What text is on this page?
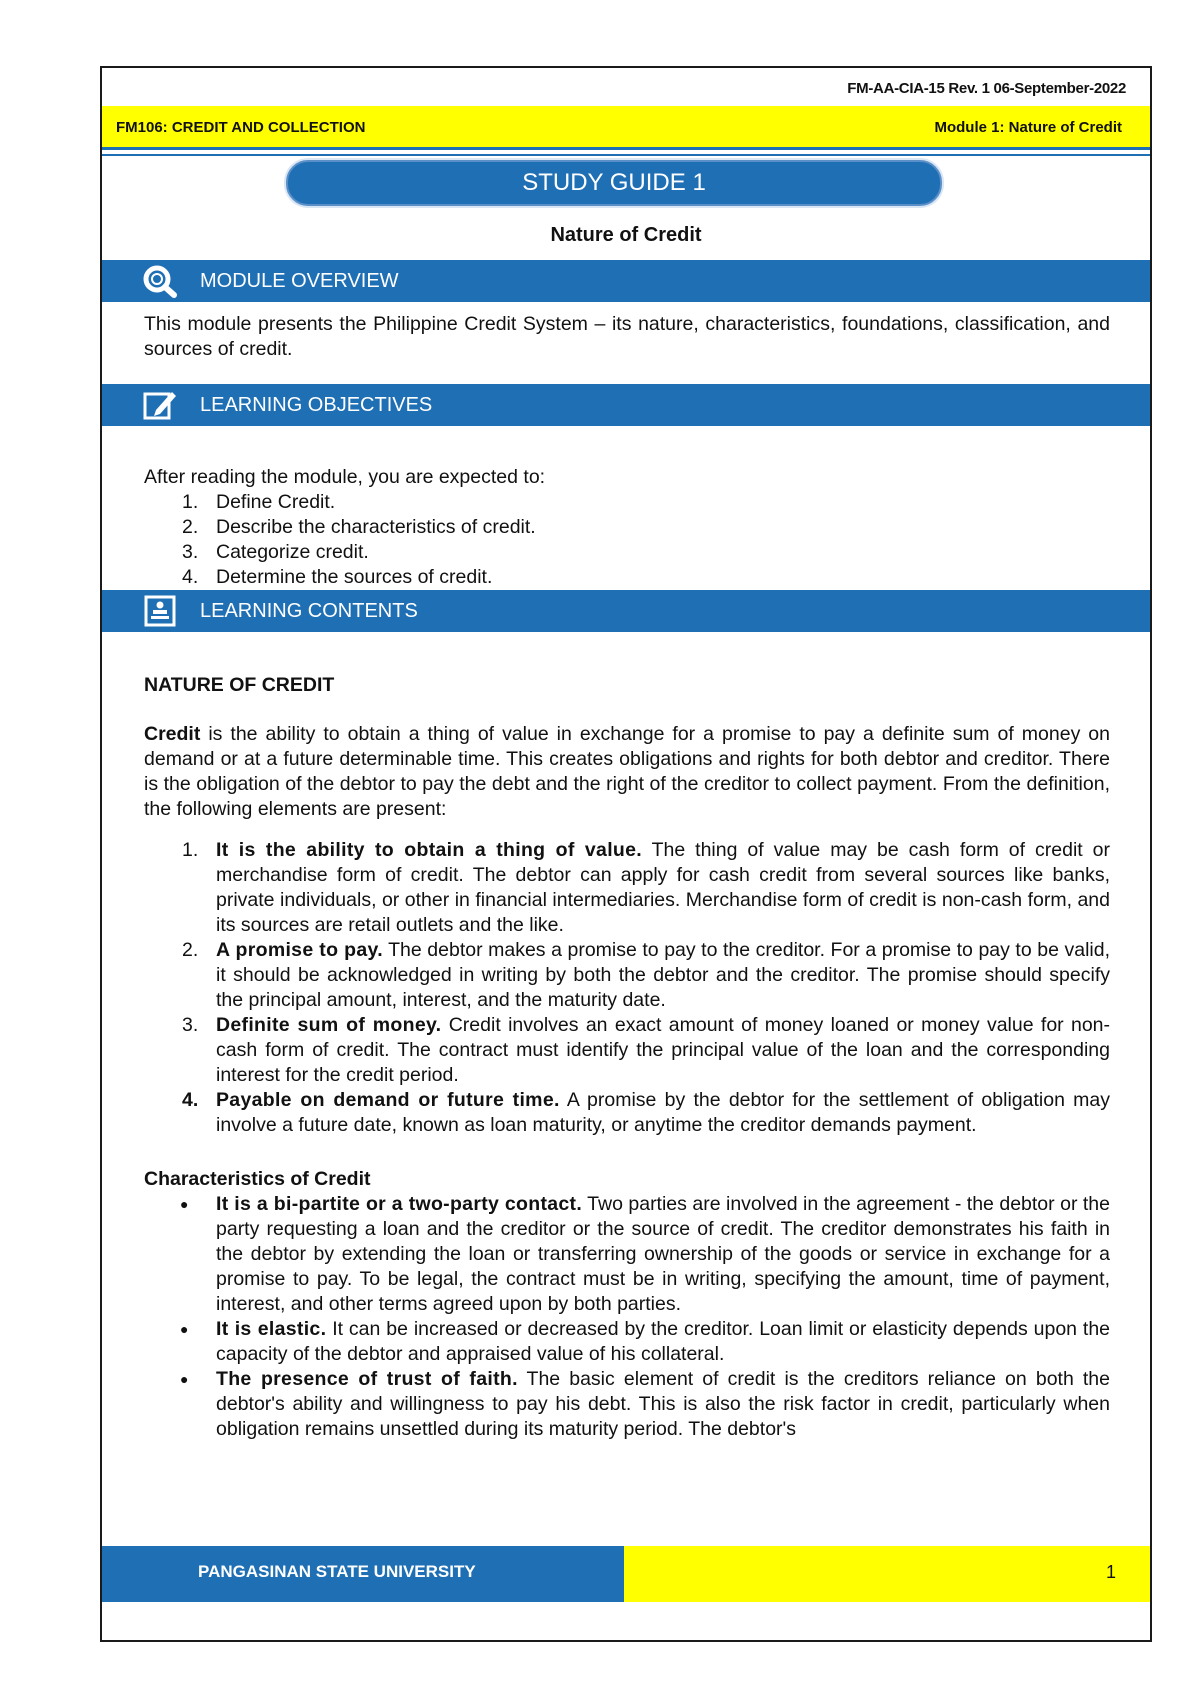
FM-AA-CIA-15 Rev. 1 06-September-2022
FM106: CREDIT AND COLLECTION	Module 1: Nature of Credit
STUDY GUIDE 1
Nature of Credit
MODULE OVERVIEW
This module presents the Philippine Credit System – its nature, characteristics, foundations, classification, and sources of credit.
LEARNING OBJECTIVES
After reading the module, you are expected to:
1. Define Credit.
2. Describe the characteristics of credit.
3. Categorize credit.
4. Determine the sources of credit.
LEARNING CONTENTS
NATURE OF CREDIT
Credit is the ability to obtain a thing of value in exchange for a promise to pay a definite sum of money on demand or at a future determinable time. This creates obligations and rights for both debtor and creditor. There is the obligation of the debtor to pay the debt and the right of the creditor to collect payment. From the definition, the following elements are present:
1. It is the ability to obtain a thing of value. The thing of value may be cash form of credit or merchandise form of credit. The debtor can apply for cash credit from several sources like banks, private individuals, or other in financial intermediaries. Merchandise form of credit is non-cash form, and its sources are retail outlets and the like.
2. A promise to pay. The debtor makes a promise to pay to the creditor. For a promise to pay to be valid, it should be acknowledged in writing by both the debtor and the creditor. The promise should specify the principal amount, interest, and the maturity date.
3. Definite sum of money. Credit involves an exact amount of money loaned or money value for non-cash form of credit. The contract must identify the principal value of the loan and the corresponding interest for the credit period.
4. Payable on demand or future time. A promise by the debtor for the settlement of obligation may involve a future date, known as loan maturity, or anytime the creditor demands payment.
Characteristics of Credit
● It is a bi-partite or a two-party contact. Two parties are involved in the agreement - the debtor or the party requesting a loan and the creditor or the source of credit. The creditor demonstrates his faith in the debtor by extending the loan or transferring ownership of the goods or service in exchange for a promise to pay. To be legal, the contract must be in writing, specifying the amount, time of payment, interest, and other terms agreed upon by both parties.
● It is elastic. It can be increased or decreased by the creditor. Loan limit or elasticity depends upon the capacity of the debtor and appraised value of his collateral.
● The presence of trust of faith. The basic element of credit is the creditors reliance on both the debtor's ability and willingness to pay his debt. This is also the risk factor in credit, particularly when obligation remains unsettled during its maturity period. The debtor's
PANGASINAN STATE UNIVERSITY	1
